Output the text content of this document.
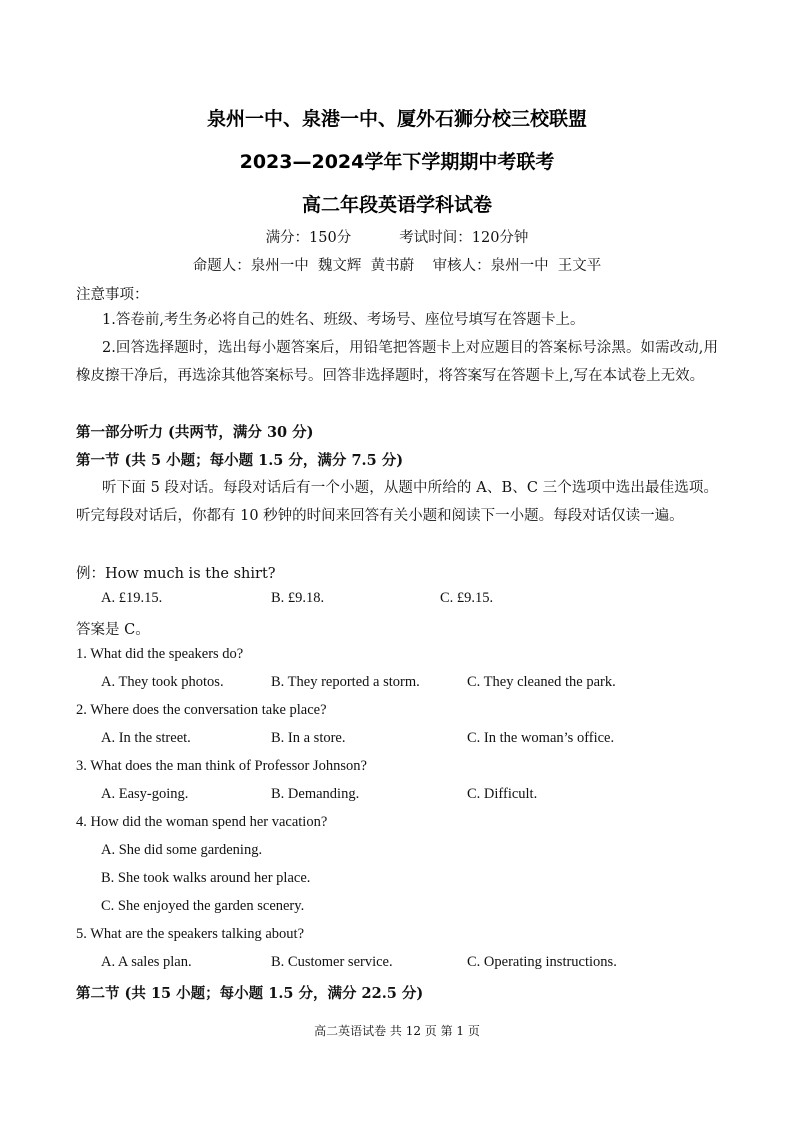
泉州一中、泉港一中、厦外石狮分校三校联盟
2023—2024学年下学期期中考联考
高二年段英语学科试卷
满分：150分	考试时间：120分钟
命题人：泉州一中  魏文辉  黄书蔚    审核人：泉州一中  王文平
注意事项：
1.答卷前,考生务必将自己的姓名、班级、考场号、座位号填写在答题卡上。
2.回答选择题时，选出每小题答案后，用铅笔把答题卡上对应题目的答案标号涂黑。如需改动,用橡皮擦干净后，再选涂其他答案标号。回答非选择题时，将答案写在答题卡上,写在本试卷上无效。
第一部分听力 (共两节，满分 30 分)
第一节 (共 5 小题；每小题 1.5 分，满分 7.5 分)
听下面 5 段对话。每段对话后有一个小题，从题中所给的 A、B、C 三个选项中选出最佳选项。听完每段对话后，你都有 10 秒钟的时间来回答有关小题和阅读下一小题。每段对话仅读一遍。
例：How much is the shirt?
A. £19.15.	B. £9.18.	C. £9.15.
答案是 C。
1. What did the speakers do?
A. They took photos.	B. They reported a storm.	C. They cleaned the park.
2. Where does the conversation take place?
A. In the street.	B. In a store.	C. In the woman’s office.
3. What does the man think of Professor Johnson?
A. Easy-going.	B. Demanding.	C. Difficult.
4. How did the woman spend her vacation?
A. She did some gardening.
B. She took walks around her place.
C. She enjoyed the garden scenery.
5. What are the speakers talking about?
A. A sales plan.	B. Customer service.	C. Operating instructions.
第二节 (共 15 小题；每小题 1.5 分，满分 22.5 分)
高二英语试卷 共 12 页 第 1 页
